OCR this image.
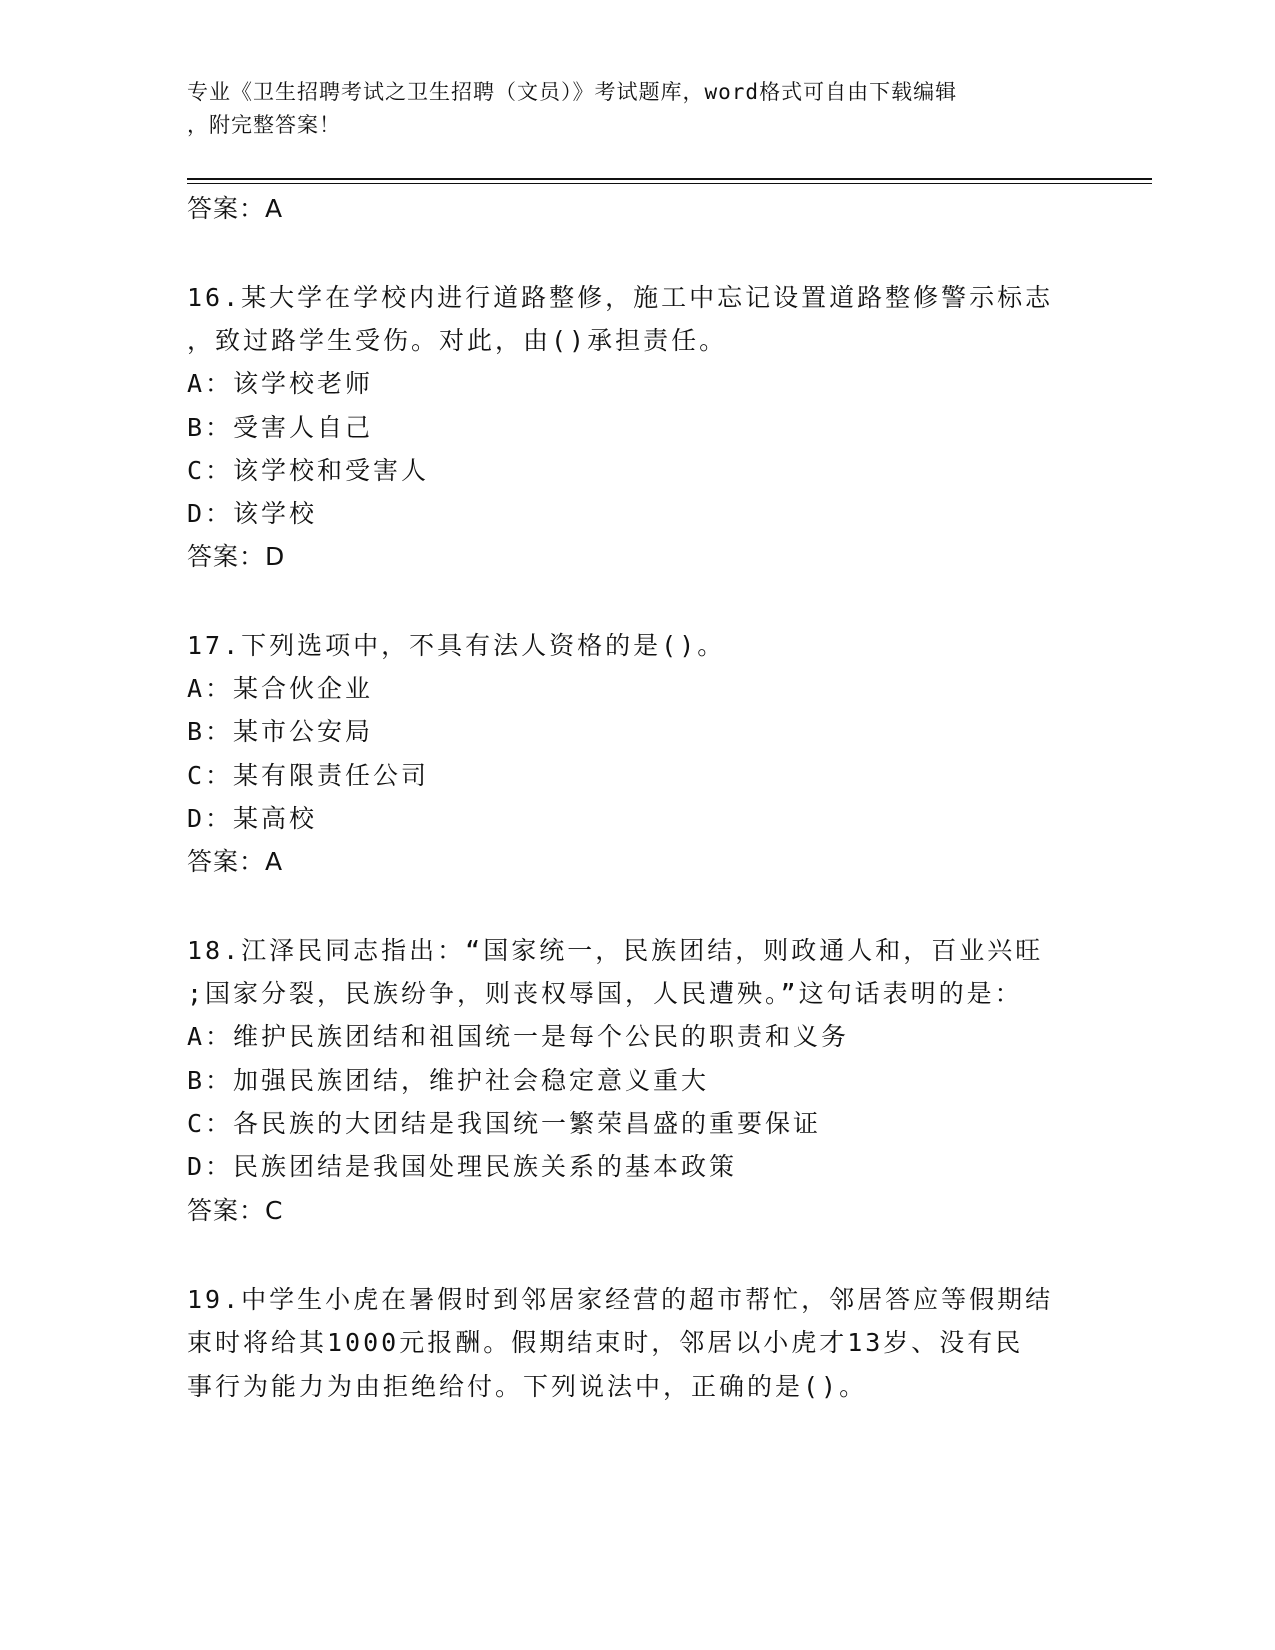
专业《卫生招聘考试之卫生招聘（文员）》考试题库，word格式可自由下载编辑
，附完整答案！
答案：A
16.某大学在学校内进行道路整修，施工中忘记设置道路整修警示标志
，致过路学生受伤。对此，由()承担责任。
A：该学校老师
B：受害人自己
C：该学校和受害人
D：该学校
答案：D
17.下列选项中，不具有法人资格的是()。
A：某合伙企业
B：某市公安局
C：某有限责任公司
D：某高校
答案：A
18.江泽民同志指出：“国家统一，民族团结，则政通人和，百业兴旺
;国家分裂，民族纷争，则丧权辱国，人民遭殃。”这句话表明的是：
A：维护民族团结和祖国统一是每个公民的职责和义务
B：加强民族团结，维护社会稳定意义重大
C：各民族的大团结是我国统一繁荣昌盛的重要保证
D：民族团结是我国处理民族关系的基本政策
答案：C
19.中学生小虎在暑假时到邻居家经营的超市帮忙，邻居答应等假期结
束时将给其1000元报酬。假期结束时，邻居以小虎才13岁、没有民
事行为能力为由拒绝给付。下列说法中，正确的是()。
